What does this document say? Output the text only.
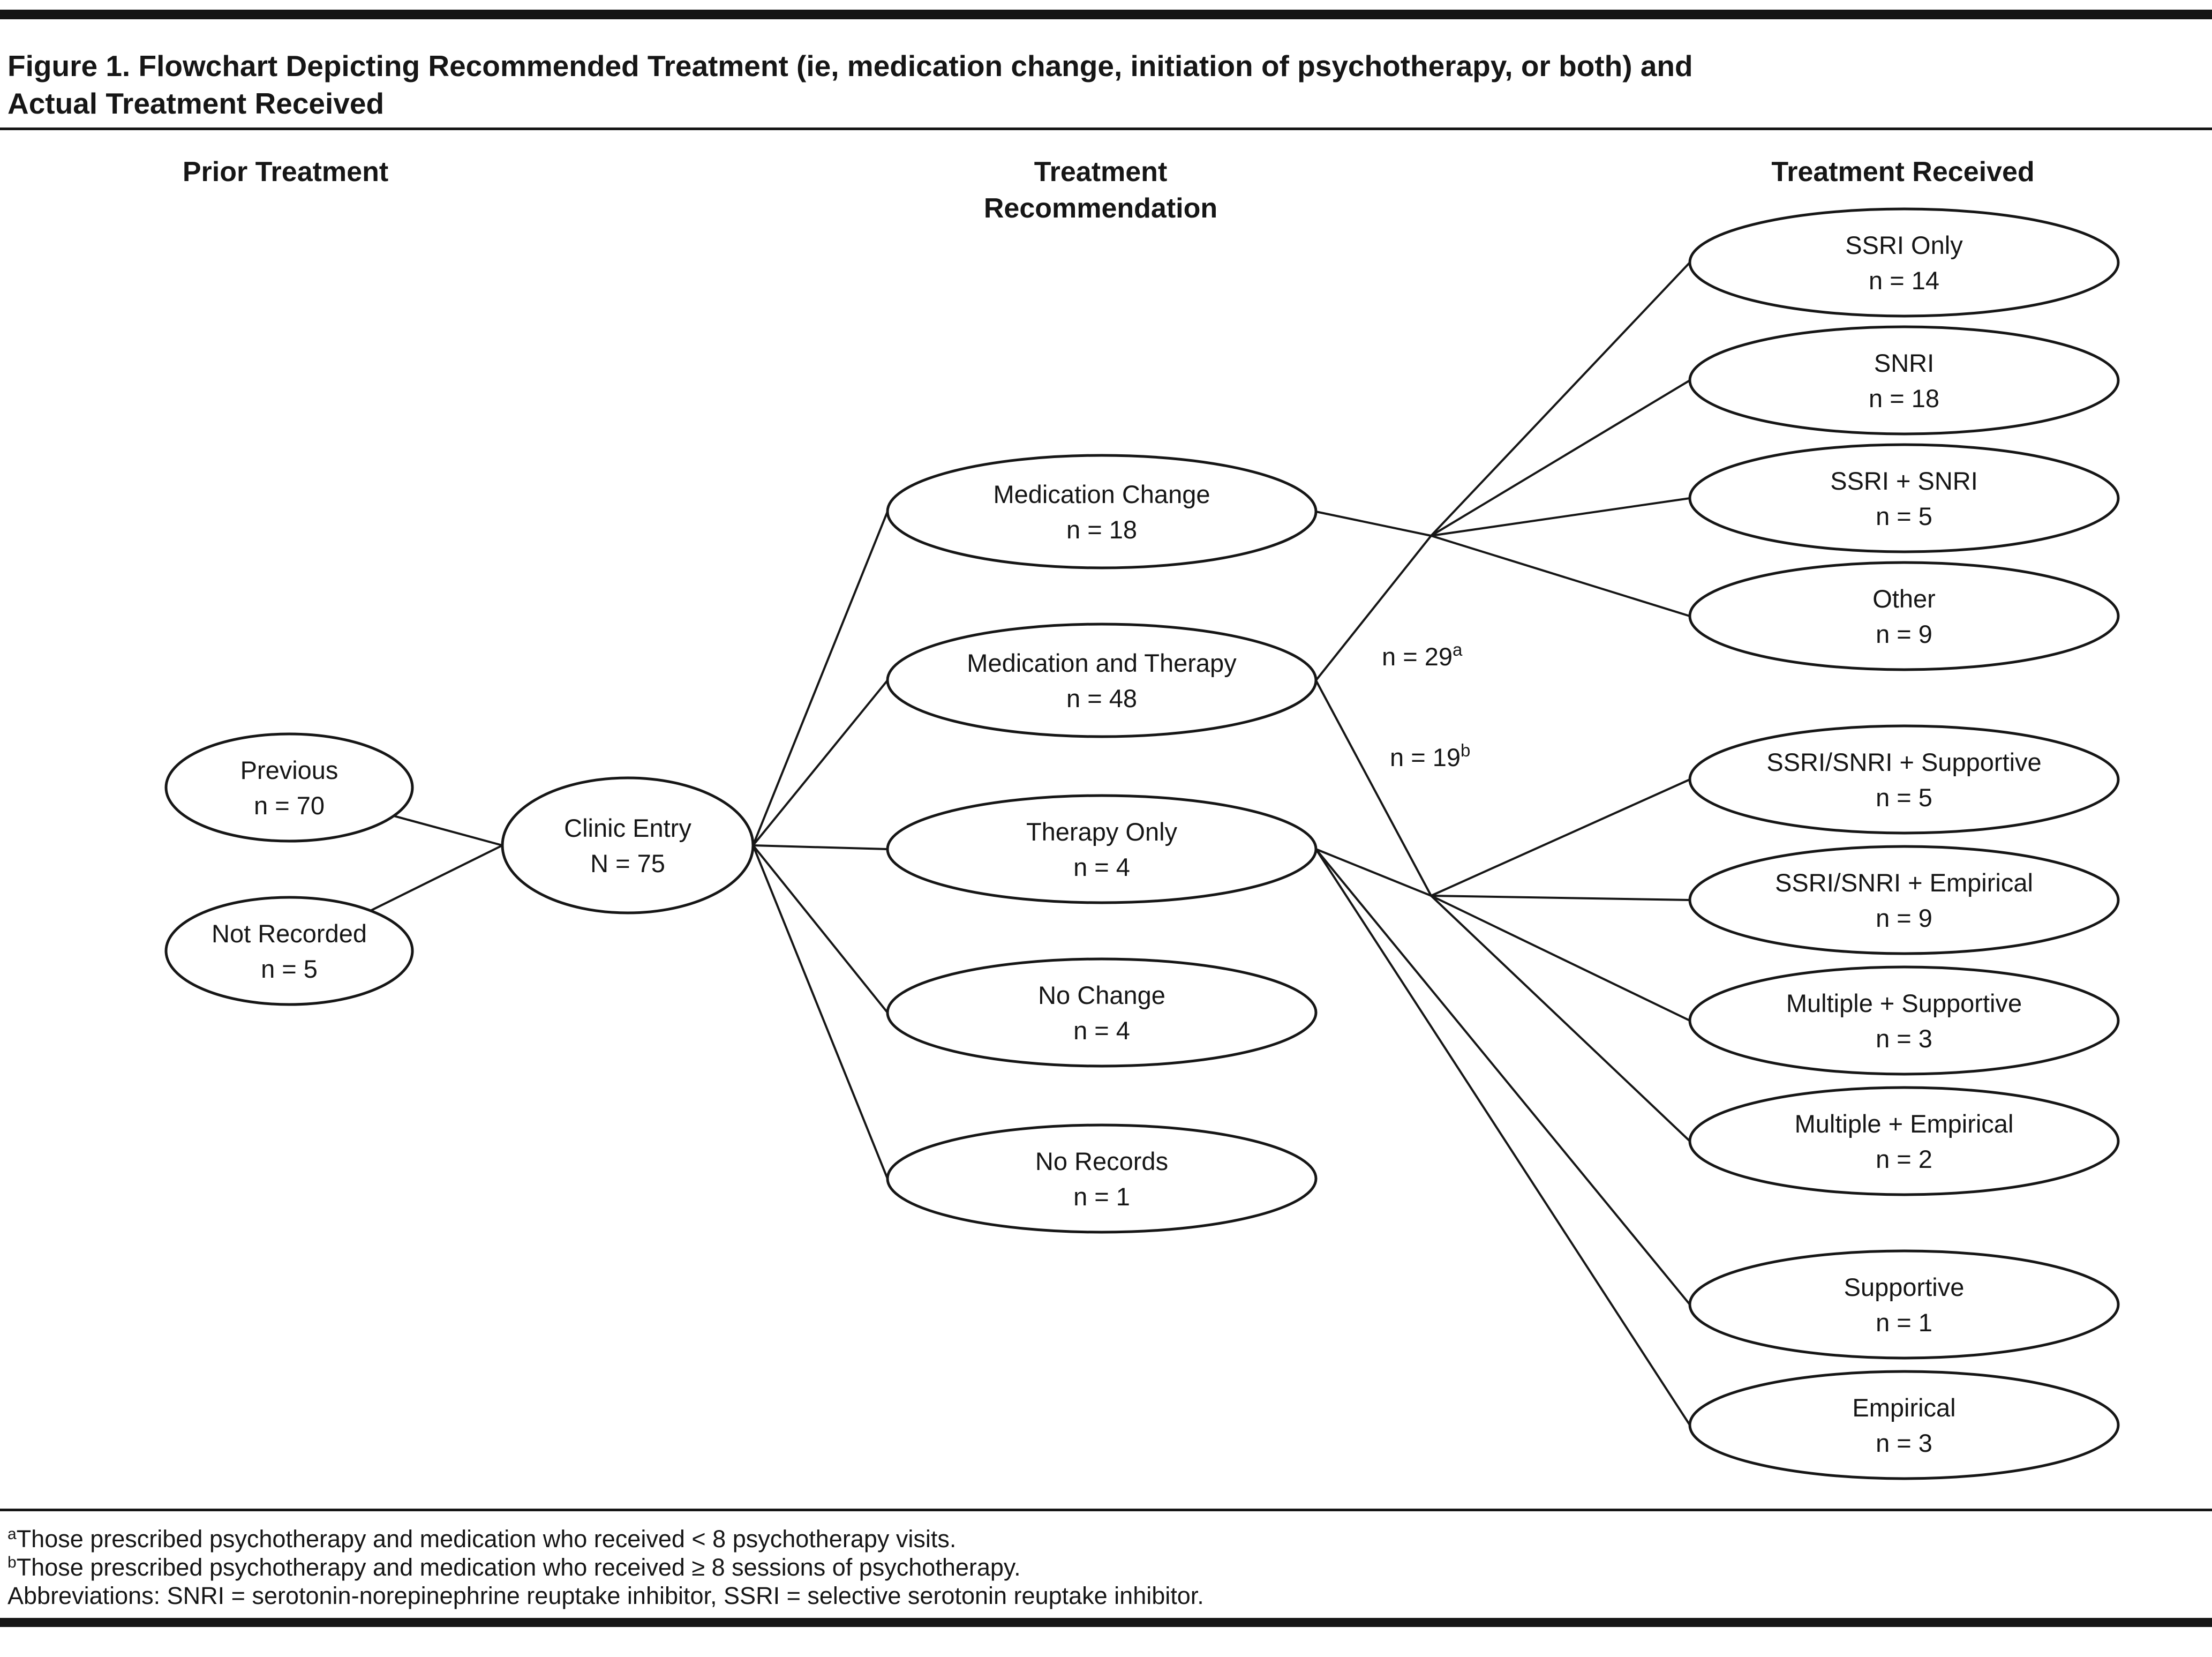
Figure 1. Flowchart Depicting Recommended Treatment (ie, medication change, initiation of psychotherapy, or both) and
Actual Treatment Received
Prior Treatment	Treatment
Recommendation
Treatment Received
$n = 29^a$
$n = 19^b$
Previous
n = 70
Not Recorded
n = 5
Clinic Entry
N = 75
Medication Change
n = 18
Medication and Therapy
n = 48
Therapy Only
n = 4
No Change
n = 4
No Records
n = 1
SSRI Only
n = 14
SNRI
n = 18
SSRI + SNRI
n = 5
Other
n = 9
SSRI/SNRI + Supportive
n = 5
SSRI/SNRI + Empirical
n = 9
Multiple + Supportive
n = 3
Multiple + Empirical
n = 2
Supportive
n = 1
Empirical
n = 3
$^a$Those prescribed psychotherapy and medication who received < 8 psychotherapy visits.
$^b$Those prescribed psychotherapy and medication who received ≥ 8 sessions of psychotherapy.
Abbreviations: SNRI = serotonin-norepinephrine reuptake inhibitor, SSRI = selective serotonin reuptake inhibitor.
